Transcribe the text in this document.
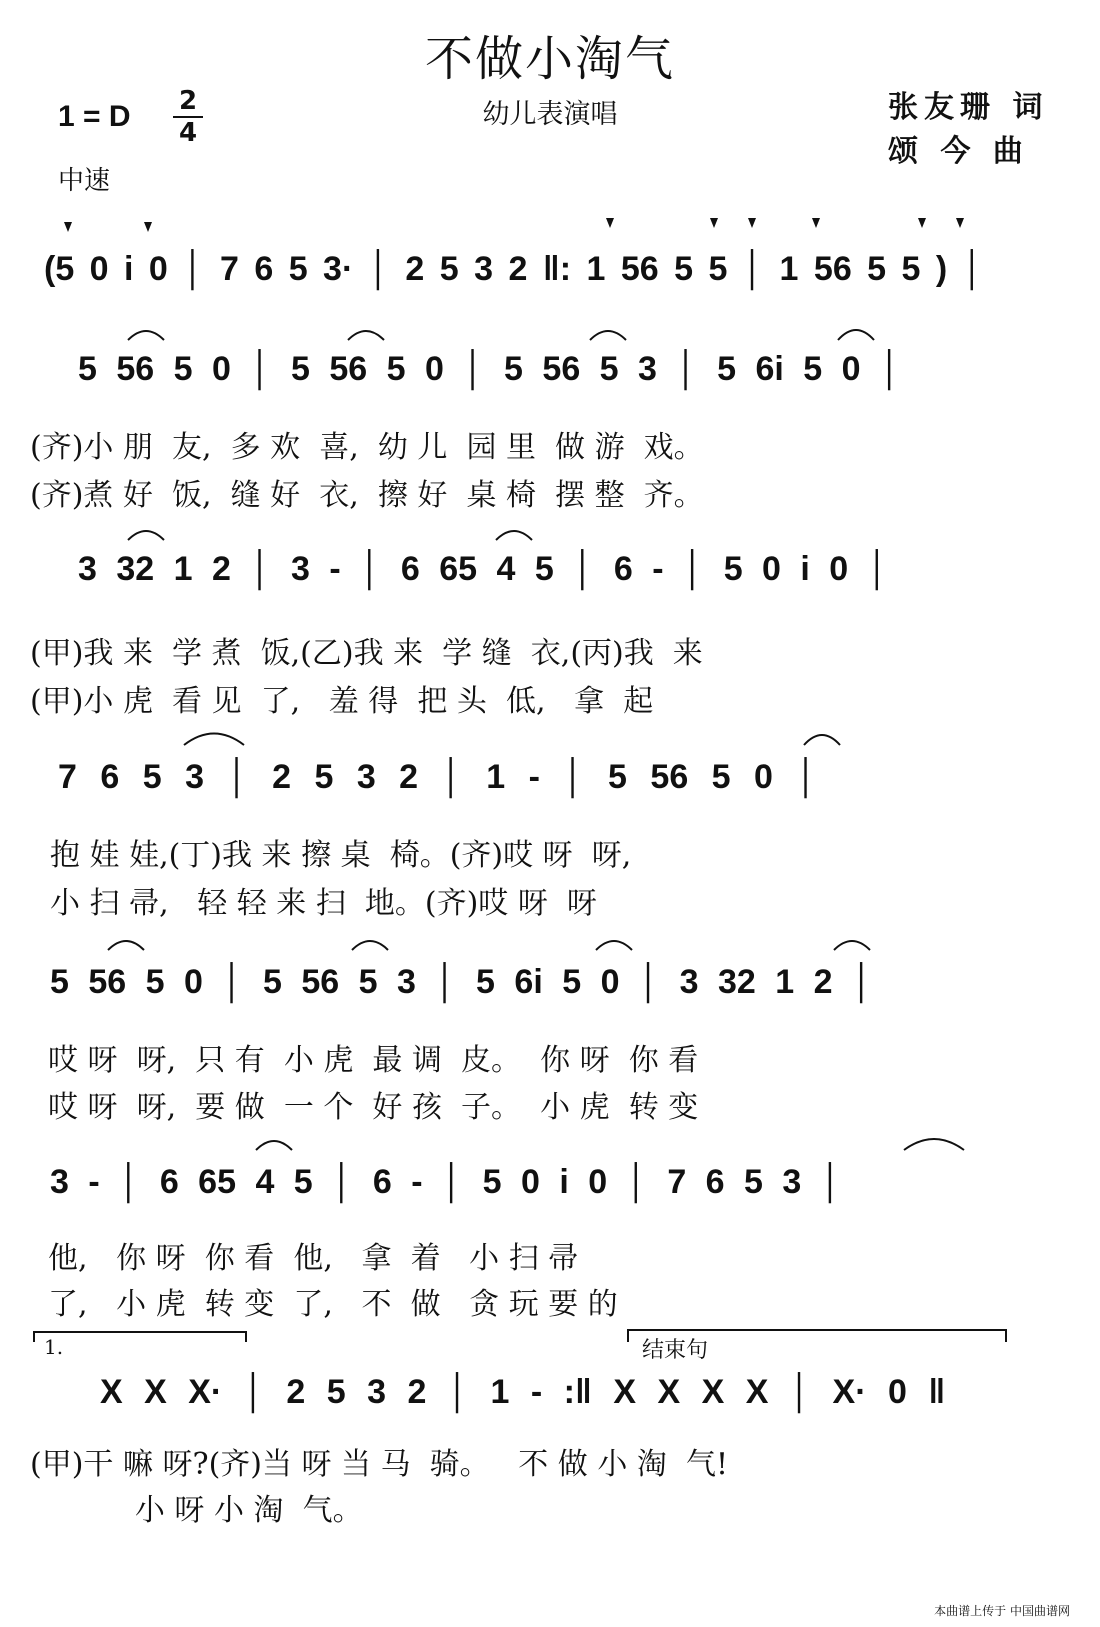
不做小淘气
幼儿表演唱
1 = D	2
4
中速
张友珊 词
颂 今 曲
(5 0 i 0 │ 7 6 5 3· │ 2 5 3 2 ‖: 1 56 5 5 │ 1 56 5 5 ) │
5 56 5 0 │ 5 56 5 0 │ 5 56 5 3 │ 5 6i 5 0 │
(齐)小 朋  友,  多 欢  喜,  幼 儿  园 里  做 游  戏。
(齐)煮 好  饭,  缝 好  衣,  擦 好  桌 椅  摆 整  齐。
3 32 1 2 │ 3 - │ 6 65 4 5 │ 6 - │ 5 0 i 0 │
(甲)我 来  学 煮  饭,(乙)我 来  学 缝  衣,(丙)我  来
(甲)小 虎  看 见  了,   羞 得  把 头  低,   拿  起
7 6 5 3 │ 2 5 3 2 │ 1 - │ 5 56 5 0 │
抱 娃 娃,(丁)我 来 擦 桌  椅。(齐)哎 呀  呀,
小 扫 帚,   轻 轻 来 扫  地。(齐)哎 呀  呀
5 56 5 0 │ 5 56 5 3 │ 5 6i 5 0 │ 3 32 1 2 │
哎 呀  呀,  只 有  小 虎  最 调  皮。  你 呀  你 看
哎 呀  呀,  要 做  一 个  好 孩  子。  小 虎  转 变
3 - │ 6 65 4 5 │ 6 - │ 5 0 i 0 │ 7 6 5 3 │
他,   你 呀  你 看  他,   拿  着   小 扫 帚
了,   小 虎  转 变  了,   不  做   贪 玩 要 的
1.	结束句
X X X· │ 2 5 3 2 │ 1 - :‖ X X X X │ X· 0 ‖
(甲)干 嘛 呀?(齐)当 呀 当 马  骑。   不 做 小 淘  气!
小 呀 小 淘  气。
本曲谱上传于 中国曲谱网
